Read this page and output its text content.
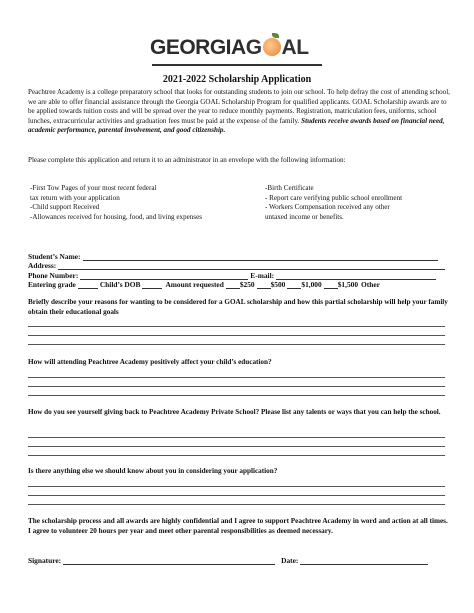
GEORGIAG AL
2021-2022 Scholarship Application
Peachtree Academy is a college preparatory school that looks for outstanding students to join our school. To help defray the cost of attending school, we are able to offer financial assistance through the Georgia GOAL Scholarship Program for qualified applicants. GOAL Scholarship awards are to be applied towards tuition costs and will be spread over the year to reduce monthly payments. Registration, matriculation fees, uniforms, school lunches, extracurricular activities and graduation fees must be paid at the expense of the family. Students receive awards based on financial need, academic performance, parental involvement, and good citizenship.
Please complete this application and return it to an administrator in an envelope with the following information:
-First Tow Pages of your most recent federal
tax return with your application
-Child support Received
-Allowances received for housing, food, and living expenses
-Birth Certificate
- Report care verifying public school enrollment
- Workers Compensation received any other
untaxed income or benefits.
Student’s Name:
Address:
Phone Number:	E-mail:
Entering grade	Child’s DOB	Amount requested $250 $500 $1,000 $1,500 Other
Briefly describe your reasons for wanting to be considered for a GOAL scholarship and how this partial scholarship will help your family obtain their educational goals
How will attending Peachtree Academy positively affect your child’s education?
How do you see yourself giving back to Peachtree Academy Private School? Please list any talents or ways that you can help the school.
Is there anything else we should know about you in considering your application?
The scholarship process and all awards are highly confidential and I agree to support Peachtree Academy in word and action at all times. I agree to volunteer 20 hours per year and meet other parental responsibilities as deemed necessary.
Signature:	Date:
